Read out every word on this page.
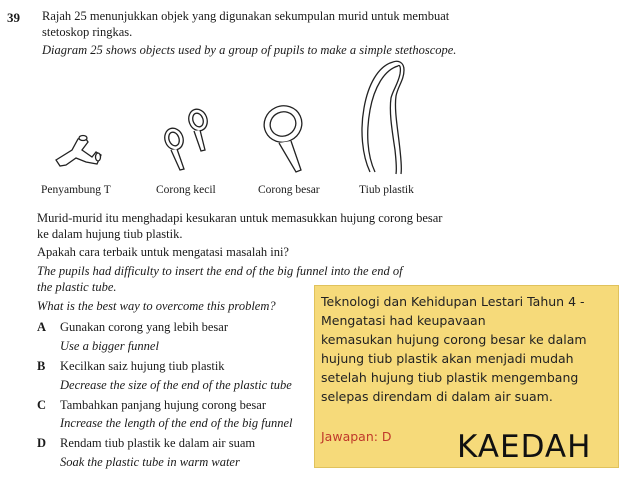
39 Rajah 25 menunjukkan objek yang digunakan sekumpulan murid untuk membuat
stetoskop ringkas.
Diagram 25 shows objects used by a group of pupils to make a simple stethoscope.
Penyambung T	Corong kecil	Corong besar	Tiub plastik
Murid-murid itu menghadapi kesukaran untuk memasukkan hujung corong besar
ke dalam hujung tiub plastik.
Apakah cara terbaik untuk mengatasi masalah ini?
The pupils had difficulty to insert the end of the big funnel into the end of
the plastic tube.
What is the best way to overcome this problem?
A Gunakan corong yang lebih besar
Use a bigger funnel
B Kecilkan saiz hujung tiub plastik
Decrease the size of the end of the plastic tube
C Tambahkan panjang hujung corong besar
Increase the length of the end of the big funnel
D Rendam tiub plastik ke dalam air suam
Soak the plastic tube in warm water
Teknologi dan Kehidupan Lestari Tahun 4 - Mengatasi had keupavaan
kemasukan hujung corong besar ke dalam
hujung tiub plastik akan menjadi mudah
setelah hujung tiub plastik mengembang
selepas direndam di dalam air suam.
Jawapan: D KAEDAH
